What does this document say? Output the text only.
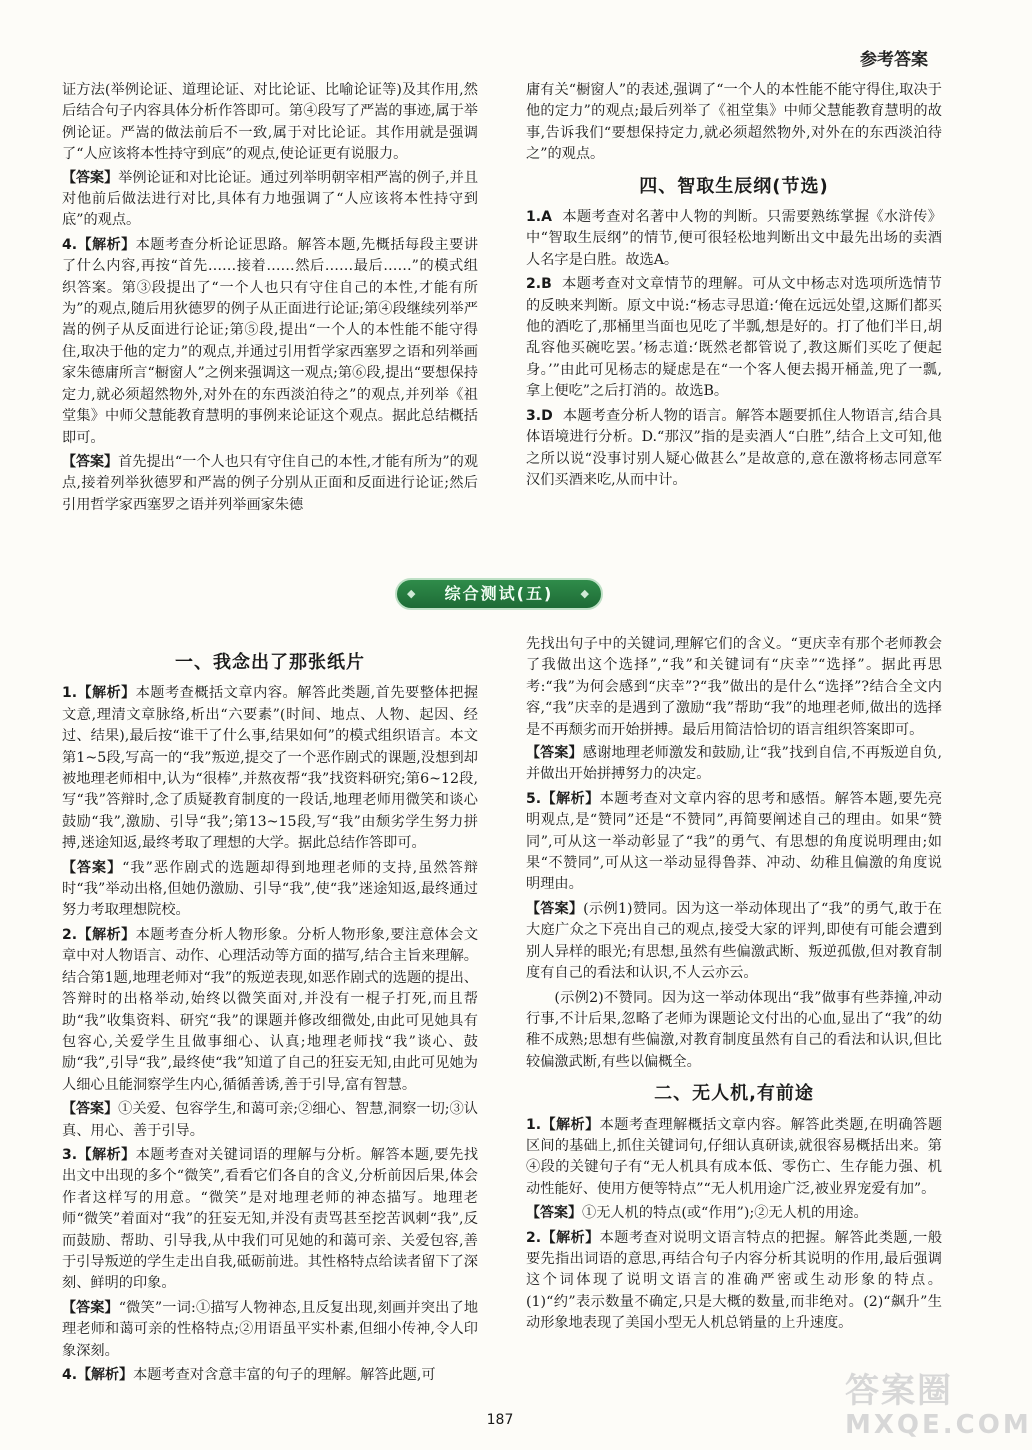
参考答案

证方法(举例论证、道理论证、对比论证、比喻论证等)及其作用,然后结合句子内容具体分析作答即可。第④段写了严嵩的事迹,属于举例论证。严嵩的做法前后不一致,属于对比论证。其作用就是强调了“人应该将本性持守到底”的观点,使论证更有说服力。

【答案】举例论证和对比论证。通过列举明朝宰相严嵩的例子,并且对他前后做法进行对比,具体有力地强调了“人应该将本性持守到底”的观点。

4.【解析】本题考查分析论证思路。解答本题,先概括每段主要讲了什么内容,再按“首先……接着……然后……最后……”的模式组织答案。第③段提出了“一个人也只有守住自己的本性,才能有所为”的观点,随后用狄德罗的例子从正面进行论证;第④段继续列举严嵩的例子从反面进行论证;第⑤段,提出“一个人的本性能不能守得住,取决于他的定力”的观点,并通过引用哲学家西塞罗之语和列举画家朱德庸所言“橱窗人”之例来强调这一观点;第⑥段,提出“要想保持定力,就必须超然物外,对外在的东西淡泊待之”的观点,并列举《祖堂集》中师父慧能教育慧明的事例来论证这个观点。据此总结概括即可。

【答案】首先提出“一个人也只有守住自己的本性,才能有所为”的观点,接着列举狄德罗和严嵩的例子分别从正面和反面进行论证;然后引用哲学家西塞罗之语并列举画家朱德

庸有关“橱窗人”的表述,强调了“一个人的本性能不能守得住,取决于他的定力”的观点;最后列举了《祖堂集》中师父慧能教育慧明的故事,告诉我们“要想保持定力,就必须超然物外,对外在的东西淡泊待之”的观点。

四、智取生辰纲(节选)

1.A 本题考查对名著中人物的判断。只需要熟练掌握《水浒传》中“智取生辰纲”的情节,便可很轻松地判断出文中最先出场的卖酒人名字是白胜。故选A。

2.B 本题考查对文章情节的理解。可从文中杨志对选项所选情节的反映来判断。原文中说:“杨志寻思道:‘俺在远远处望,这厮们都买他的酒吃了,那桶里当面也见吃了半瓢,想是好的。打了他们半日,胡乱容他买碗吃罢。’杨志道:‘既然老都管说了,教这厮们买吃了便起身。’”由此可见杨志的疑虑是在“一个客人便去揭开桶盖,兜了一瓢,拿上便吃”之后打消的。故选B。

3.D 本题考查分析人物的语言。解答本题要抓住人物语言,结合具体语境进行分析。D.“那汉”指的是卖酒人“白胜”,结合上文可知,他之所以说“没事讨别人疑心做甚么”是故意的,意在激将杨志同意军汉们买酒来吃,从而中计。

◆ 综合测试(五) ◆
一、我念出了那张纸片

1.【解析】本题考查概括文章内容。解答此类题,首先要整体把握文意,理清文章脉络,析出“六要素”(时间、地点、人物、起因、经过、结果),最后按“谁干了什么事,结果如何”的模式组织语言。本文第1~5段,写高一的“我”叛逆,提交了一个恶作剧式的课题,没想到却被地理老师相中,认为“很棒”,并熬夜帮“我”找资料研究;第6~12段,写“我”答辩时,念了质疑教育制度的一段话,地理老师用微笑和谈心鼓励“我”,激励、引导“我”;第13~15段,写“我”由颓劣学生努力拼搏,迷途知返,最终考取了理想的大学。据此总结作答即可。

【答案】“我”恶作剧式的选题却得到地理老师的支持,虽然答辩时“我”举动出格,但她仍激励、引导“我”,使“我”迷途知返,最终通过努力考取理想院校。

2.【解析】本题考查分析人物形象。分析人物形象,要注意体会文章中对人物语言、动作、心理活动等方面的描写,结合主旨来理解。结合第1题,地理老师对“我”的叛逆表现,如恶作剧式的选题的提出、答辩时的出格举动,始终以微笑面对,并没有一棍子打死,而且帮助“我”收集资料、研究“我”的课题并修改细微处,由此可见她具有包容心,关爱学生且做事细心、认真;地理老师找“我”谈心、鼓励“我”,引导“我”,最终使“我”知道了自己的狂妄无知,由此可见她为人细心且能洞察学生内心,循循善诱,善于引导,富有智慧。

【答案】①关爱、包容学生,和蔼可亲;②细心、智慧,洞察一切;③认真、用心、善于引导。

3.【解析】本题考查对关键词语的理解与分析。解答本题,要先找出文中出现的多个“微笑”,看看它们各自的含义,分析前因后果,体会作者这样写的用意。“微笑”是对地理老师的神态描写。地理老师“微笑”着面对“我”的狂妄无知,并没有责骂甚至挖苦讽刺“我”,反而鼓励、帮助、引导我,从中我们可见她的和蔼可亲、关爱包容,善于引导叛逆的学生走出自我,砥砺前进。其性格特点给读者留下了深刻、鲜明的印象。

【答案】“微笑”一词:①描写人物神态,且反复出现,刻画并突出了地理老师和蔼可亲的性格特点;②用语虽平实朴素,但细小传神,令人印象深刻。

4.【解析】本题考查对含意丰富的句子的理解。解答此题,可

先找出句子中的关键词,理解它们的含义。“更庆幸有那个老师教会了我做出这个选择”,“我”和关键词有“庆幸”“选择”。据此再思考:“我”为何会感到“庆幸”?“我”做出的是什么“选择”?结合全文内容,“我”庆幸的是遇到了激励“我”帮助“我”的地理老师,做出的选择是不再颓劣而开始拼搏。最后用简洁恰切的语言组织答案即可。

【答案】感谢地理老师激发和鼓励,让“我”找到自信,不再叛逆自负,并做出开始拼搏努力的决定。

5.【解析】本题考查对文章内容的思考和感悟。解答本题,要先亮明观点,是“赞同”还是“不赞同”,再简要阐述自己的理由。如果“赞同”,可从这一举动彰显了“我”的勇气、有思想的角度说明理由;如果“不赞同”,可从这一举动显得鲁莽、冲动、幼稚且偏激的角度说明理由。

【答案】(示例1)赞同。因为这一举动体现出了“我”的勇气,敢于在大庭广众之下亮出自己的观点,接受大家的评判,即使有可能会遭到别人异样的眼光;有思想,虽然有些偏激武断、叛逆孤傲,但对教育制度有自己的看法和认识,不人云亦云。

(示例2)不赞同。因为这一举动体现出“我”做事有些莽撞,冲动行事,不计后果,忽略了老师为课题论文付出的心血,显出了“我”的幼稚不成熟;思想有些偏激,对教育制度虽然有自己的看法和认识,但比较偏激武断,有些以偏概全。

二、无人机,有前途

1.【解析】本题考查理解概括文章内容。解答此类题,在明确答题区间的基础上,抓住关键词句,仔细认真研读,就很容易概括出来。第④段的关键句子有“无人机具有成本低、零伤亡、生存能力强、机动性能好、使用方便等特点”“无人机用途广泛,被业界宠爱有加”。

【答案】①无人机的特点(或“作用”);②无人机的用途。

2.【解析】本题考查对说明文语言特点的把握。解答此类题,一般要先指出词语的意思,再结合句子内容分析其说明的作用,最后强调这个词体现了说明文语言的准确严密或生动形象的特点。(1)“约”表示数量不确定,只是大概的数量,而非绝对。(2)“飙升”生动形象地表现了美国小型无人机总销量的上升速度。

187
答案圈
MXQE.COM
